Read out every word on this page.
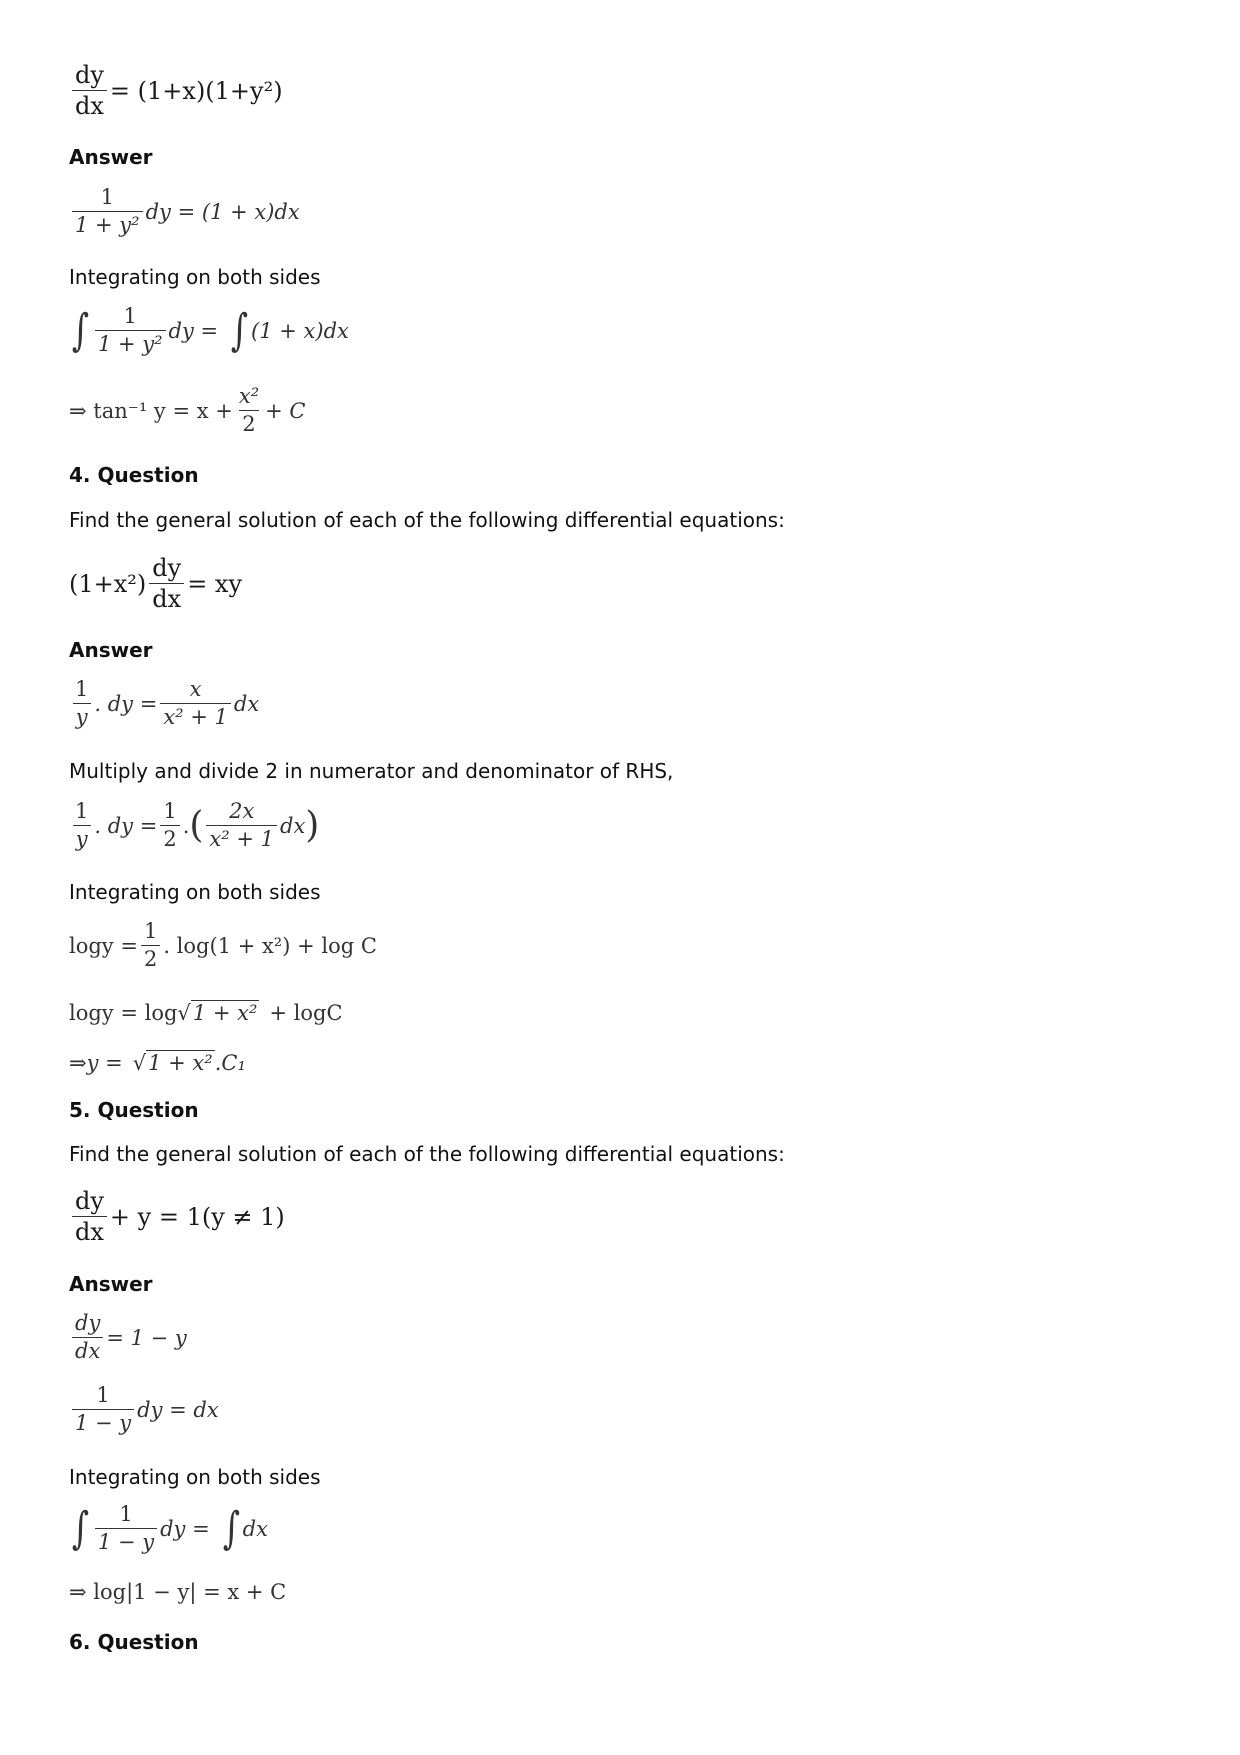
$\frac{dy}{dx} = (1+x)(1+y^2)$
Answer
$\frac{1}{\text{1 + y²}}$ dy = (1 + x)dx
Integrating on both sides
∫ $\frac{1}{\text{1 + y²}}$ dy = ∫ (1 + x)dx
⇒ tan⁻¹ $y = x + \frac{\text{x²}}{2} + C$
4. Question
Find the general solution of each of the following differential equations:
$(1+x^2) \frac{dy}{dx}$ = xy
Answer
$\frac{1}{y}$ . dy = $\frac{x}{\text{x² + 1}}$ dx
Multiply and divide 2 in numerator and denominator of RHS,
$\frac{1}{y}$ . dy = $\frac{1}{2}$ . ( $\frac{2x}{\text{x² + 1}}$ dx )
Integrating on both sides
$\log y = \frac{1}{2}$ . log(1 + x²) + log C
logy = log √ 1 + x² + logC
⇒y = √ 1 + x² .C₁
5. Question
Find the general solution of each of the following differential equations:
$\frac{dy}{dx} + y = 1(y \ne 1)$
Answer
$\frac{dy}{dx} = 1 - y$
$\frac{1}{1 - y}$ dy = dx
Integrating on both sides
∫ $\frac{1}{1 - y}$ dy = ∫ dx
⇒ log|1 − y| = x + C
6. Question
